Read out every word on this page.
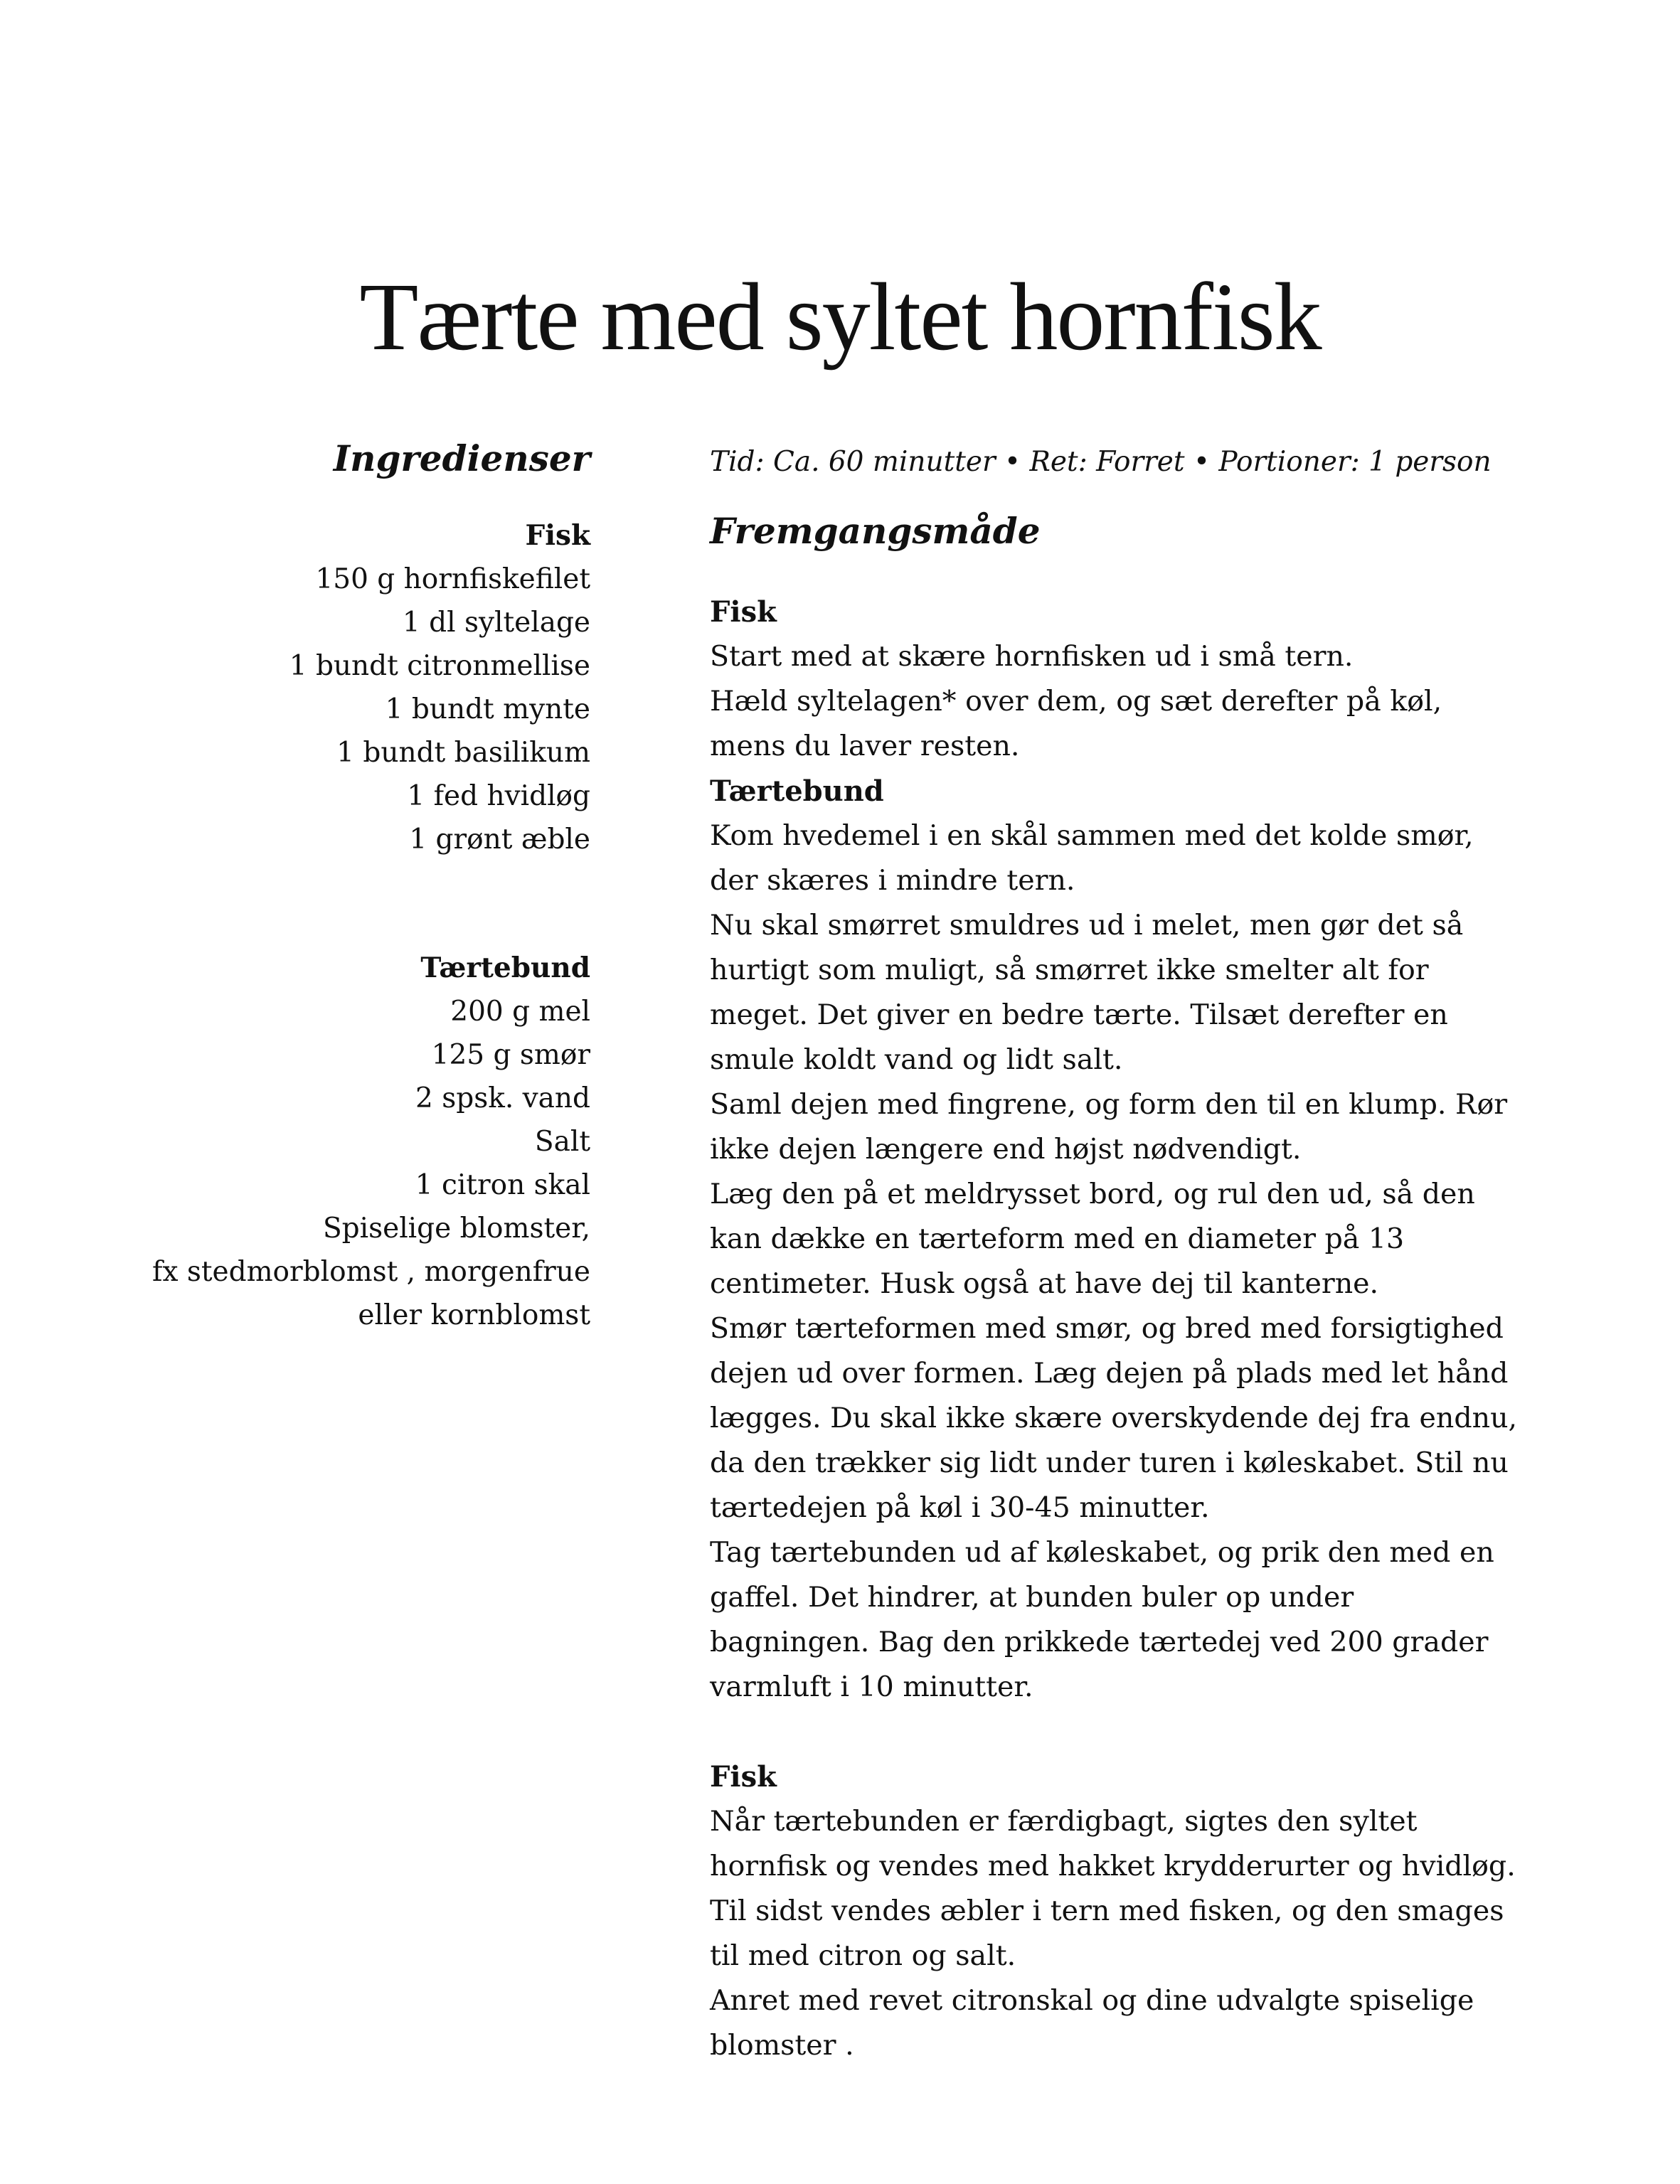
Tærte med syltet hornfisk
Ingredienser
Fisk
150 g hornfiskefilet
1 dl syltelage
1 bundt citronmellise
1 bundt mynte
1 bundt basilikum
1 fed hvidløg
1 grønt æble
Tærtebund
200 g mel
125 g smør
2 spsk. vand
Salt
1 citron skal
Spiselige blomster,
fx stedmorblomst , morgenfrue
eller kornblomst

Tid: Ca. 60 minutter • Ret: Forret • Portioner: 1 person

Fremgangsmåde
Fisk

Start med at skære hornfisken ud i små tern.

Hæld syltelagen* over dem, og sæt derefter på køl, mens du laver resten.

Tærtebund

Kom hvedemel i en skål sammen med det kolde smør, der skæres i mindre tern.

Nu skal smørret smuldres ud i melet, men gør det så hurtigt som muligt, så smørret ikke smelter alt for meget. Det giver en bedre tærte. Tilsæt derefter en smule koldt vand og lidt salt.

Saml dejen med fingrene, og form den til en klump. Rør ikke dejen længere end højst nødvendigt.

Læg den på et meldrysset bord, og rul den ud, så den kan dække en tærteform med en diameter på 13 centimeter. Husk også at have dej til kanterne.

Smør tærteformen med smør, og bred med forsigtighed dejen ud over formen. Læg dejen på plads med let hånd lægges. Du skal ikke skære overskydende dej fra endnu, da den trækker sig lidt under turen i køleskabet. Stil nu tærtedejen på køl i 30-45 minutter.

Tag tærtebunden ud af køleskabet, og prik den med en gaffel. Det hindrer, at bunden buler op under bagningen. Bag den prikkede tærtedej ved 200 grader varmluft i 10 minutter.

Fisk

Når tærtebunden er færdigbagt, sigtes den syltet hornfisk og vendes med hakket krydderurter og hvidløg. Til sidst vendes æbler i tern med fisken, og den smages til med citron og salt.

Anret med revet citronskal og dine udvalgte spiselige blomster .
